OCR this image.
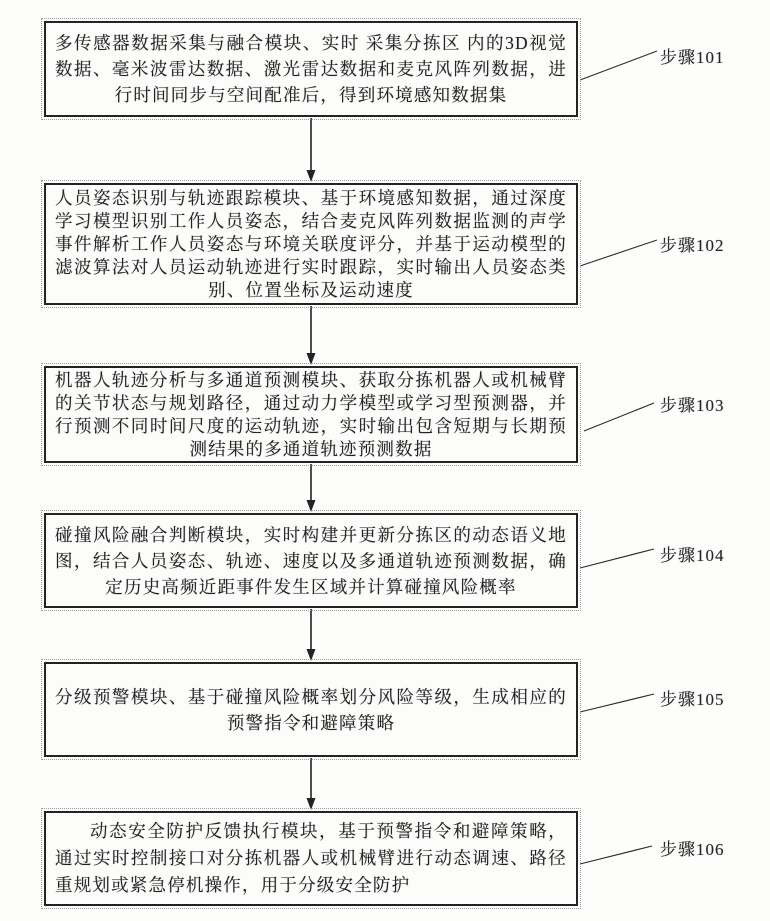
多传感器数据采集与融合模块、实时 采集分拣区 内的3D视觉数据、毫米波雷达数据、激光雷达数据和麦克风阵列数据，进行时间同步与空间配准后，得到环境感知数据集

人员姿态识别与轨迹跟踪模块、基于环境感知数据，通过深度学习模型识别工作人员姿态，结合麦克风阵列数据监测的声学事件解析工作人员姿态与环境关联度评分，并基于运动模型的滤波算法对人员运动轨迹进行实时跟踪，实时输出人员姿态类别、位置坐标及运动速度

机器人轨迹分析与多通道预测模块、获取分拣机器人或机械臂的关节状态与规划路径，通过动力学模型或学习型预测器，并行预测不同时间尺度的运动轨迹，实时输出包含短期与长期预测结果的多通道轨迹预测数据

碰撞风险融合判断模块，实时构建并更新分拣区的动态语义地图，结合人员姿态、轨迹、速度以及多通道轨迹预测数据，确定历史高频近距事件发生区域并计算碰撞风险概率

分级预警模块、基于碰撞风险概率划分风险等级，生成相应的预警指令和避障策略

动态安全防护反馈执行模块，基于预警指令和避障策略，通过实时控制接口对分拣机器人或机械臂进行动态调速、路径重规划或紧急停机操作，用于分级安全防护

步骤101
步骤102
步骤103
步骤104
步骤105
步骤106
